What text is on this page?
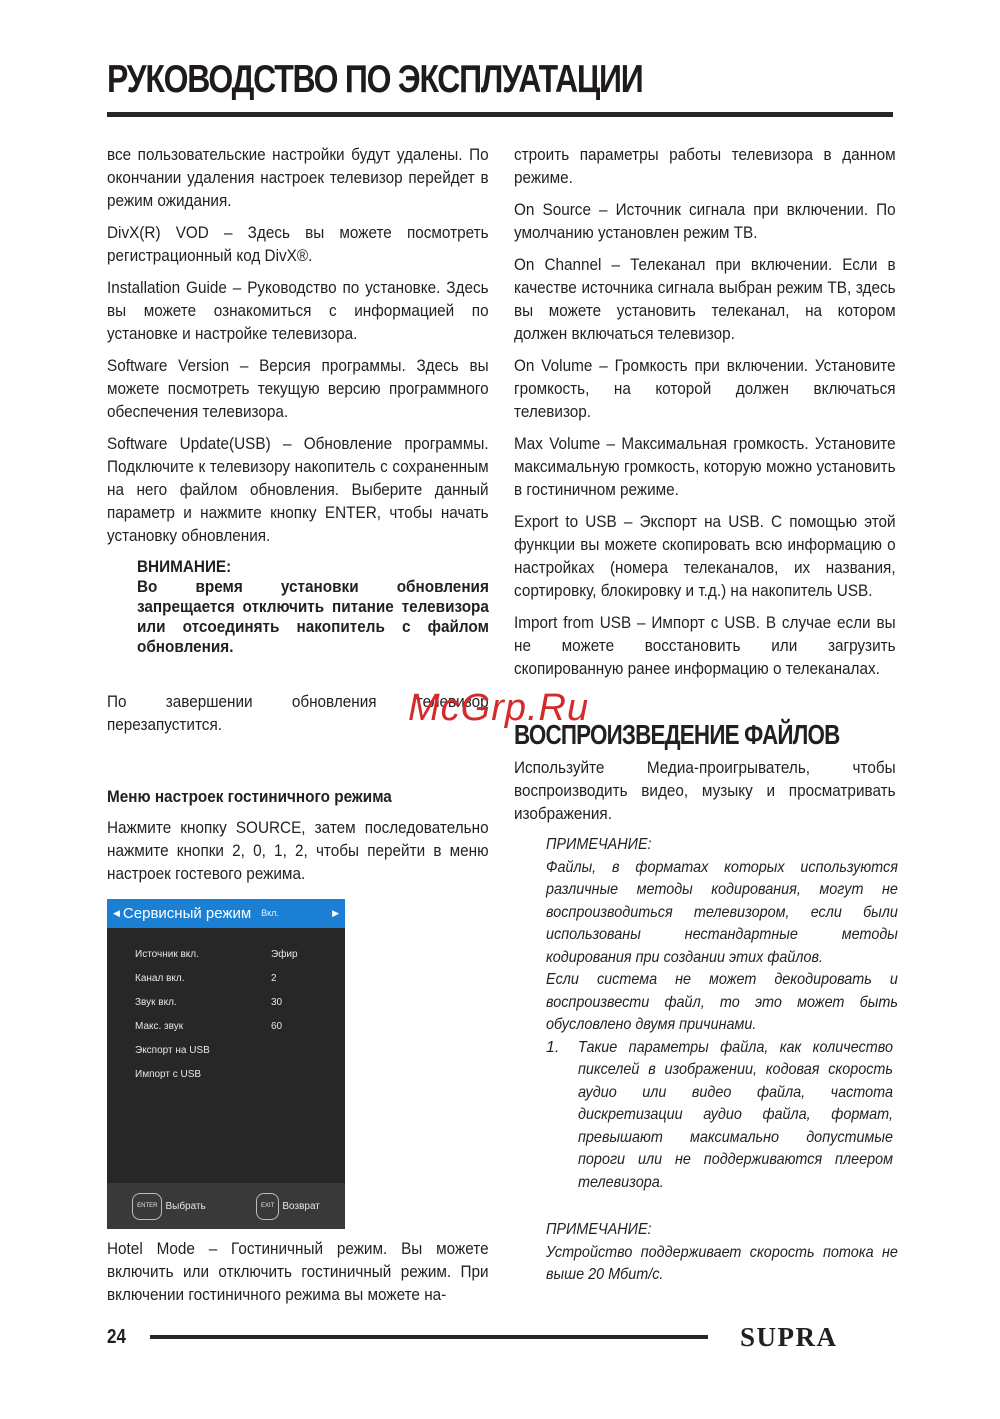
РУКОВОДСТВО ПО ЭКСПЛУАТАЦИИ

все пользовательские настройки будут удалены. По окончании удаления настроек телевизор перейдет в режим ожидания.

DivX(R) VOD – Здесь вы можете посмотреть регистрационный код DivX®.

Installation Guide – Руководство по установке. Здесь вы можете ознакомиться с информацией по установке и настройке телевизора.

Software Version – Версия программы. Здесь вы можете посмотреть текущую версию программного обеспечения телевизора.

Software Update(USB) – Обновление программы. Подключите к телевизору накопитель с сохраненным на него файлом обновления. Выберите данный параметр и нажмите кнопку ENTER, чтобы начать установку обновления.

ВНИМАНИЕ:

Во время установки обновления запрещается отключить питание телевизора или отсоединять накопитель с файлом обновления.

По завершении обновления телевизор перезапустится.

Меню настроек гостиничного режима

Нажмите кнопку SOURCE, затем последовательно нажмите кнопки 2, 0, 1, 2, чтобы перейти в меню настроек гостевого режима.

◀ Сервисный режим Вкл.	▶
Источник вкл.	Эфир
Канал вкл.	2
Звук вкл.	30
Макс. звук	60
Экспорт на USB
Импорт с USB
ENTER Выбрать	EXIT Возврат

Hotel Mode – Гостиничный режим. Вы можете включить или отключить гостиничный режим. При включении гостиничного режима вы можете на-

строить параметры работы телевизора в данном режиме.

On Source – Источник сигнала при включении. По умолчанию установлен режим ТВ.

On Channel – Телеканал при включении. Если в качестве источника сигнала выбран режим ТВ, здесь вы можете установить телеканал, на котором должен включаться телевизор.

On Volume – Громкость при включении. Установите громкость, на которой должен включаться телевизор.

Max Volume – Максимальная громкость. Установите максимальную громкость, которую можно установить в гостиничном режиме.

Export to USB – Экспорт на USB. С помощью этой функции вы можете скопировать всю информацию о настройках (номера телеканалов, их названия, сортировку, блокировку и т.д.) на накопитель USB.

Import from USB – Импорт с USB. В случае если вы не можете восстановить или загрузить скопированную ранее информацию о телеканалах.

ВОСПРОИЗВЕДЕНИЕ ФАЙЛОВ

Используйте Медиа-проигрыватель, чтобы воспроизводить видео, музыку и просматривать изображения.

ПРИМЕЧАНИЕ:

Файлы, в форматах которых используются различные методы кодирования, могут не воспроизводиться телевизором, если были использованы нестандартные методы кодирования при создании этих файлов.

Если система не может декодировать и воспроизвести файл, то это может быть обусловлено двумя причинами.

1.	Такие параметры файла, как количество пикселей в изображении, кодовая скорость аудио или видео файла, частота дискретизации аудио файла, формат, превышают максимально допустимые пороги или не поддерживаются плеером телевизора.

ПРИМЕЧАНИЕ:

Устройство поддерживает скорость потока не выше 20 Мбит/с.

McGrp.Ru
24	SUPRA
